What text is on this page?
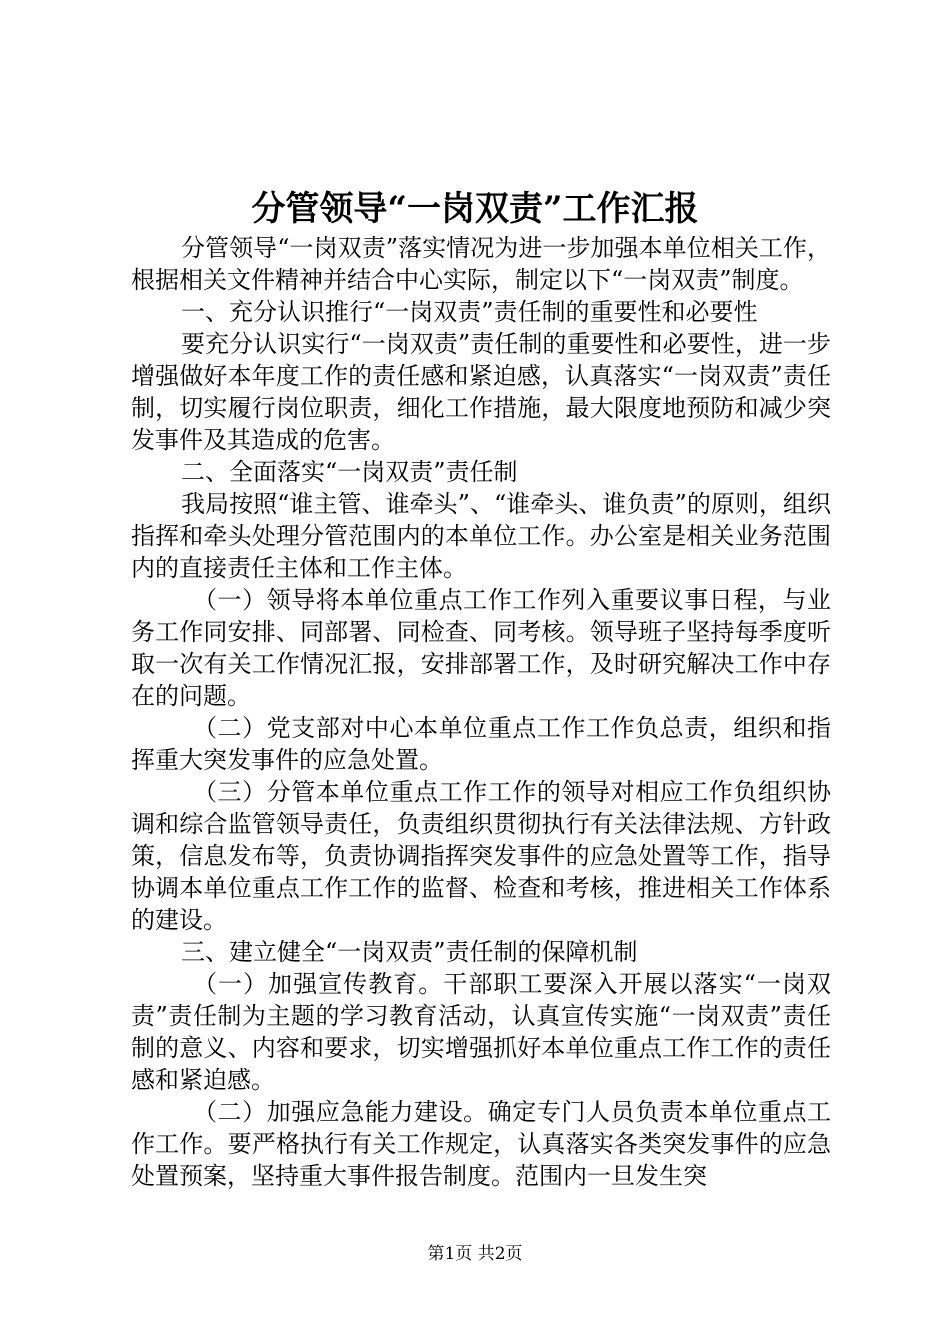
分管领导“一岗双责”工作汇报

分管领导“一岗双责”落实情况为进一步加强本单位相关工作，根据相关文件精神并结合中心实际，制定以下“一岗双责”制度。

一、充分认识推行“一岗双责”责任制的重要性和必要性

要充分认识实行“一岗双责”责任制的重要性和必要性，进一步增强做好本年度工作的责任感和紧迫感，认真落实“一岗双责”责任制，切实履行岗位职责，细化工作措施，最大限度地预防和减少突发事件及其造成的危害。

二、全面落实“一岗双责”责任制

我局按照“谁主管、谁牵头”、“谁牵头、谁负责”的原则，组织指挥和牵头处理分管范围内的本单位工作。办公室是相关业务范围内的直接责任主体和工作主体。

（一）领导将本单位重点工作工作列入重要议事日程，与业务工作同安排、同部署、同检查、同考核。领导班子坚持每季度听取一次有关工作情况汇报，安排部署工作，及时研究解决工作中存在的问题。

（二）党支部对中心本单位重点工作工作负总责，组织和指挥重大突发事件的应急处置。

（三）分管本单位重点工作工作的领导对相应工作负组织协调和综合监管领导责任，负责组织贯彻执行有关法律法规、方针政策，信息发布等，负责协调指挥突发事件的应急处置等工作，指导协调本单位重点工作工作的监督、检查和考核，推进相关工作体系的建设。

三、建立健全“一岗双责”责任制的保障机制

（一）加强宣传教育。干部职工要深入开展以落实“一岗双责”责任制为主题的学习教育活动，认真宣传实施“一岗双责”责任制的意义、内容和要求，切实增强抓好本单位重点工作工作的责任感和紧迫感。

（二）加强应急能力建设。确定专门人员负责本单位重点工作工作。要严格执行有关工作规定，认真落实各类突发事件的应急处置预案，坚持重大事件报告制度。范围内一旦发生突

第1页 共2页
